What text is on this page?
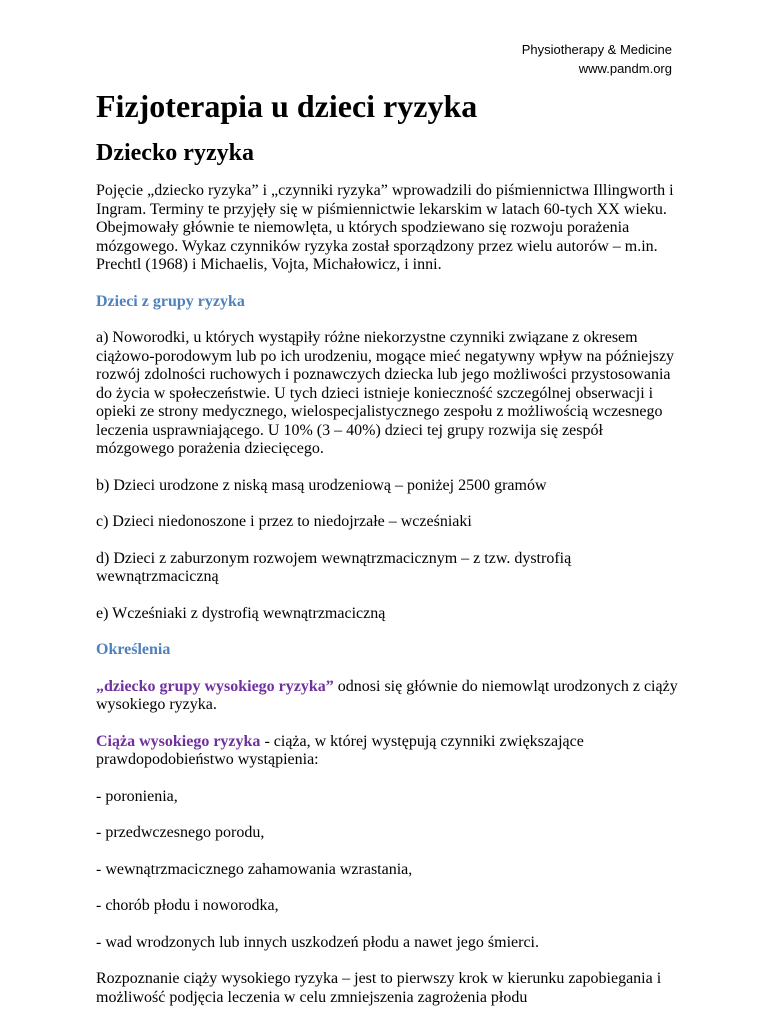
Physiotherapy & Medicine
www.pandm.org
Fizjoterapia u dzieci ryzyka
Dziecko ryzyka

Pojęcie „dziecko ryzyka” i „czynniki ryzyka” wprowadzili do piśmiennictwa Illingworth i Ingram. Terminy te przyjęły się w piśmiennictwie lekarskim w latach 60-tych XX wieku. Obejmowały głównie te niemowlęta, u których spodziewano się rozwoju porażenia mózgowego. Wykaz czynników ryzyka został sporządzony przez wielu autorów – m.in. Prechtl (1968) i Michaelis, Vojta, Michałowicz, i inni.

Dzieci z grupy ryzyka

a) Noworodki, u których wystąpiły różne niekorzystne czynniki związane z okresem ciążowo-porodowym lub po ich urodzeniu, mogące mieć negatywny wpływ na późniejszy rozwój zdolności ruchowych i poznawczych dziecka lub jego możliwości przystosowania do życia w społeczeństwie. U tych dzieci istnieje konieczność szczególnej obserwacji i opieki ze strony medycznego, wielospecjalistycznego zespołu z możliwością wczesnego leczenia usprawniającego. U 10% (3 – 40%) dzieci tej grupy rozwija się zespół mózgowego porażenia dziecięcego.

b) Dzieci urodzone z niską masą urodzeniową – poniżej 2500 gramów

c) Dzieci niedonoszone i przez to niedojrzałe – wcześniaki

d) Dzieci z zaburzonym rozwojem wewnątrzmacicznym – z tzw. dystrofią wewnątrzmaciczną

e) Wcześniaki z dystrofią wewnątrzmaciczną

Określenia

„dziecko grupy wysokiego ryzyka” odnosi się głównie do niemowląt urodzonych z ciąży wysokiego ryzyka.

Ciąża wysokiego ryzyka - ciąża, w której występują czynniki zwiększające prawdopodobieństwo wystąpienia:

- poronienia,

- przedwczesnego porodu,

- wewnątrzmacicznego zahamowania wzrastania,

- chorób płodu i noworodka,

- wad wrodzonych lub innych uszkodzeń płodu a nawet jego śmierci.

Rozpoznanie ciąży wysokiego ryzyka – jest to pierwszy krok w kierunku zapobiegania i możliwość podjęcia leczenia w celu zmniejszenia zagrożenia płodu
